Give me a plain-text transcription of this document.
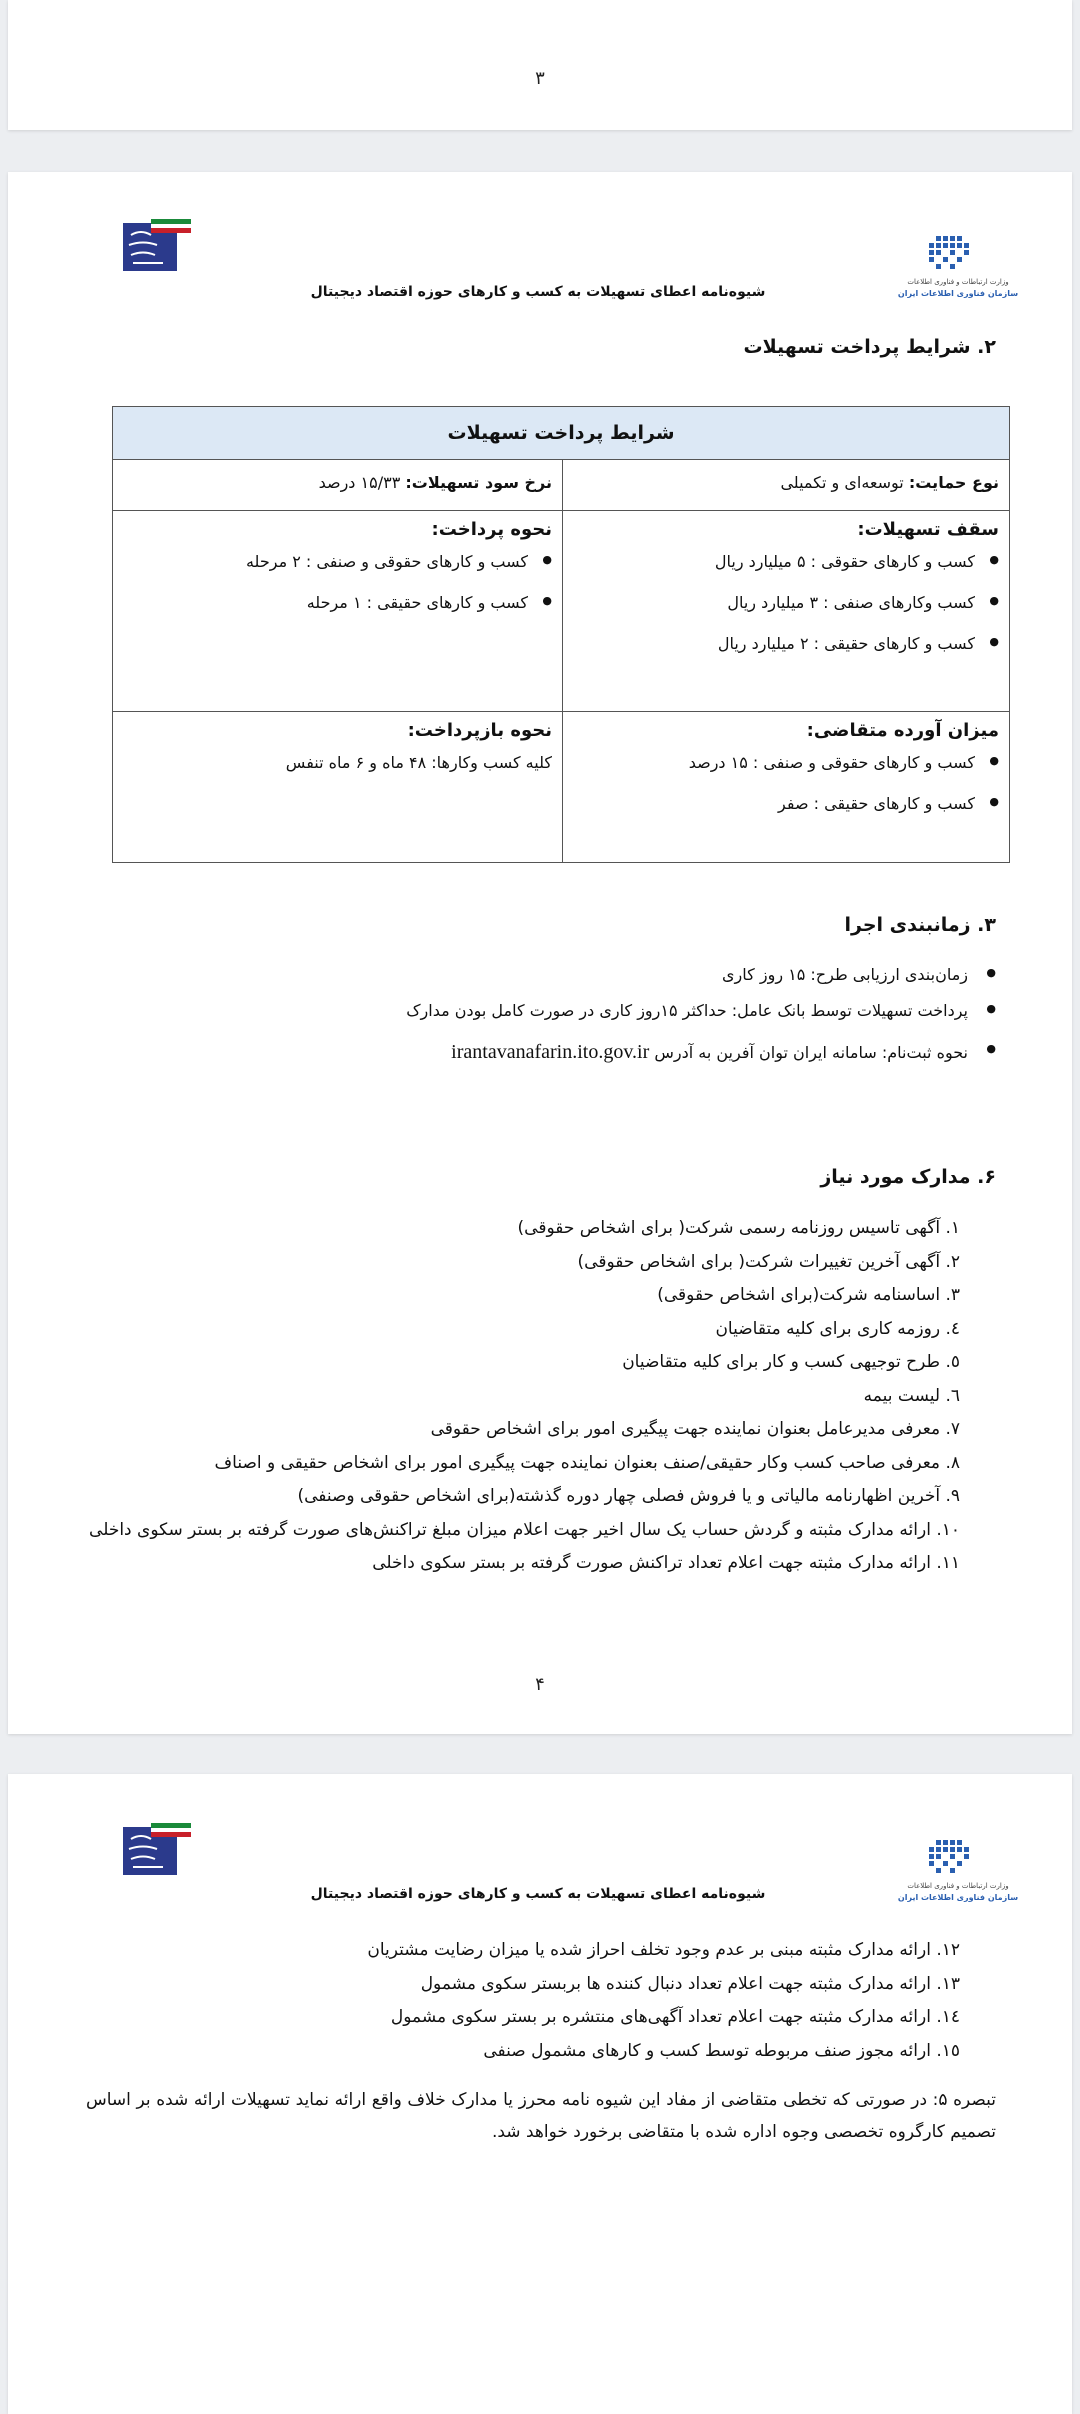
۳
وزارت ارتباطات و فناوری اطلاعات
سازمان فناوری اطلاعات ایران
شیوه‌نامه اعطای تسهیلات به کسب و کارهای حوزه اقتصاد دیجیتال
۲. شرایط پرداخت تسهیلات
شرایط پرداخت تسهیلات
نوع حمایت: توسعه‌ای و تکمیلی
نرخ سود تسهیلات: ۱۵/۳۳ درصد
سقف تسهیلات:
● کسب و کارهای حقوقی : ۵ میلیارد ریال
● کسب وکارهای صنفی : ۳ میلیارد ریال
● کسب و کارهای حقیقی : ۲ میلیارد ریال
نحوه پرداخت:
● کسب و کارهای حقوقی و صنفی : ۲ مرحله
● کسب و کارهای حقیقی : ۱ مرحله
میزان آورده متقاضی:
● کسب و کارهای حقوقی و صنفی : ۱۵ درصد
● کسب و کارهای حقیقی : صفر
نحوه بازپرداخت:
کلیه کسب وکارها: ۴۸ ماه و ۶ ماه تنفس
۳. زمانبندی اجرا
● زمان‌بندی ارزیابی طرح: ۱۵ روز کاری
● پرداخت تسهیلات توسط بانک عامل: حداکثر ۱۵روز کاری در صورت کامل بودن مدارک
● نحوه ثبت‌نام: سامانه ایران توان آفرین به آدرس irantavanafarin.ito.gov.ir
۶. مدارک مورد نیاز
۱. آگهی تاسیس روزنامه رسمی شرکت( برای اشخاص حقوقی)
۲. آگهی آخرین تغییرات شرکت( برای اشخاص حقوقی)
۳. اساسنامه شرکت(برای اشخاص حقوقی)
٤. روزمه کاری برای کلیه متقاضیان
٥. طرح توجیهی کسب و کار برای کلیه متقاضیان
٦. لیست بیمه
۷. معرفی مدیرعامل بعنوان نماینده جهت پیگیری امور برای اشخاص حقوقی
۸. معرفی صاحب کسب وکار حقیقی/صنف بعنوان نماینده جهت پیگیری امور برای اشخاص حقیقی و اصناف
۹. آخرین اظهارنامه مالیاتی و یا فروش فصلی چهار دوره گذشته(برای اشخاص حقوقی وصنفی)
۱۰. ارائه مدارک مثبته و گردش حساب یک سال اخیر جهت اعلام میزان مبلغ تراکنش‌های صورت گرفته بر بستر سکوی داخلی
۱۱. ارائه مدارک مثبته جهت اعلام تعداد تراکنش صورت گرفته بر بستر سکوی داخلی
۴
وزارت ارتباطات و فناوری اطلاعات
سازمان فناوری اطلاعات ایران
شیوه‌نامه اعطای تسهیلات به کسب و کارهای حوزه اقتصاد دیجیتال
۱۲. ارائه مدارک مثبته مبنی بر عدم وجود تخلف احراز شده یا میزان رضایت مشتریان
۱۳. ارائه مدارک مثبته جهت اعلام تعداد دنبال کننده ها بربستر سکوی مشمول
۱٤. ارائه مدارک مثبته جهت اعلام تعداد آگهی‌های منتشره بر بستر سکوی مشمول
۱٥. ارائه مجوز صنف مربوطه توسط کسب و کارهای مشمول صنفی
تبصره ۵: در صورتی که تخطی متقاضی از مفاد این شیوه نامه محرز یا مدارک خلاف واقع ارائه نماید تسهیلات ارائه شده بر اساس تصمیم کارگروه تخصصی وجوه اداره شده با متقاضی برخورد خواهد شد.
